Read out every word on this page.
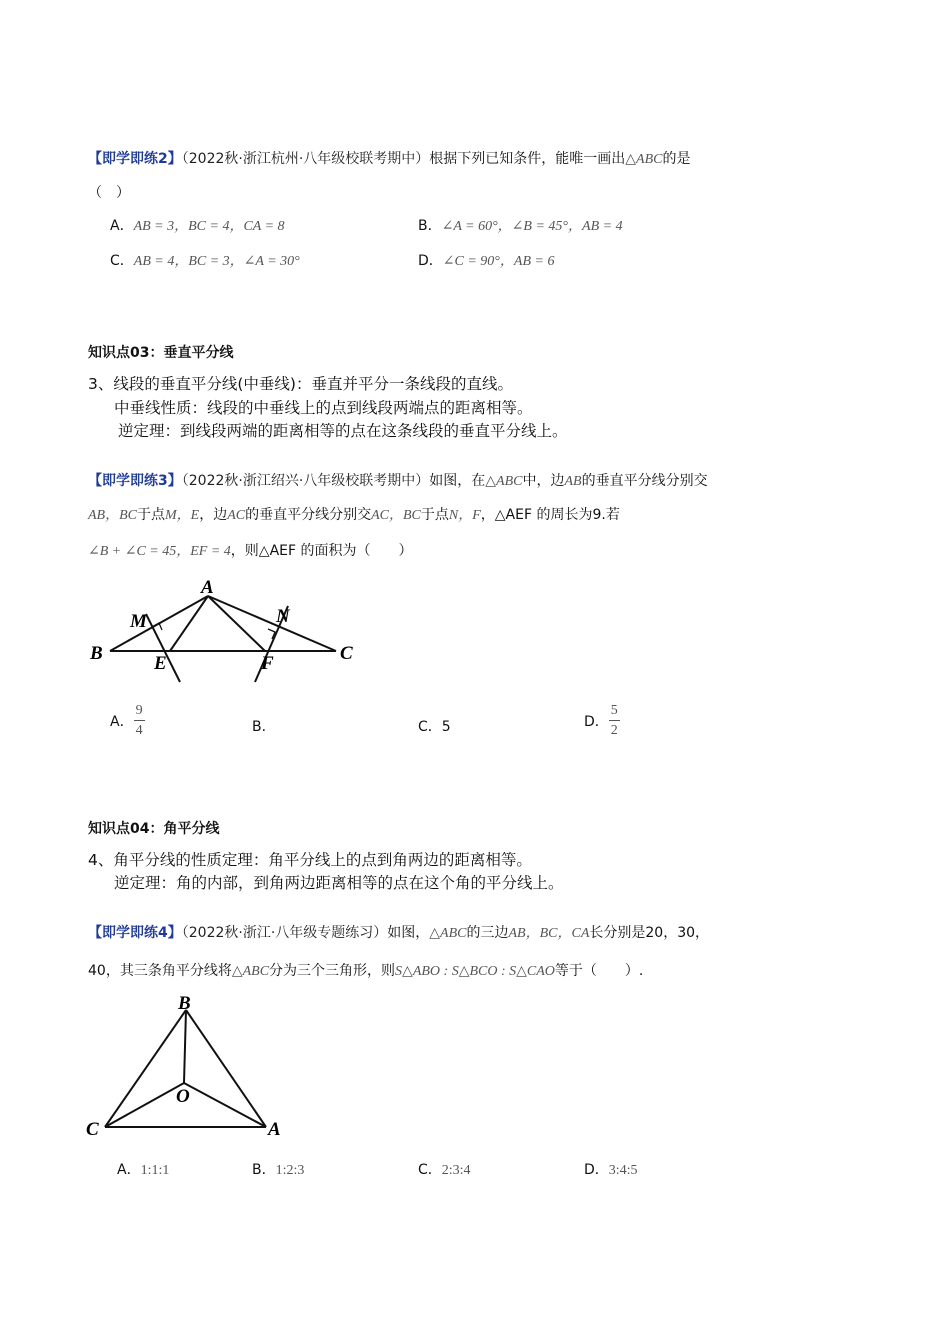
【即学即练2】（2022秋·浙江杭州·八年级校联考期中）根据下列已知条件，能唯一画出△ABC的是
（　）
A．AB = 3，BC = 4，CA = 8	B．∠A = 60°，∠B = 45°，AB = 4
C．AB = 4，BC = 3，∠A = 30°	D．∠C = 90°，AB = 6
知识点03：垂直平分线
3、线段的垂直平分线(中垂线)：垂直并平分一条线段的直线。
中垂线性质：线段的中垂线上的点到线段两端点的距离相等。
逆定理：到线段两端的距离相等的点在这条线段的垂直平分线上。
【即学即练3】（2022秋·浙江绍兴·八年级校联考期中）如图，在△ABC中，边AB的垂直平分线分别交
AB，BC于点M，E，边AC的垂直平分线分别交AC，BC于点N，F，△AEF 的周长为9.若
∠B + ∠C = 45，EF = 4，则△AEF 的面积为（　　）
A
B	C
M	N
E	F
A． $\frac{9}{4}$	B．	C．5	D． $\frac{5}{2}$
知识点04：角平分线
4、角平分线的性质定理：角平分线上的点到角两边的距离相等。
逆定理：角的内部，到角两边距离相等的点在这个角的平分线上。
【即学即练4】（2022秋·浙江·八年级专题练习）如图，△ABC的三边AB，BC，CA长分别是20，30，
40，其三条角平分线将△ABC分为三个三角形，则S△ABO : S△BCO : S△CAO等于（　　）.
B
C	A
O
A．1:1:1	B．1:2:3	C．2:3:4	D．3:4:5
